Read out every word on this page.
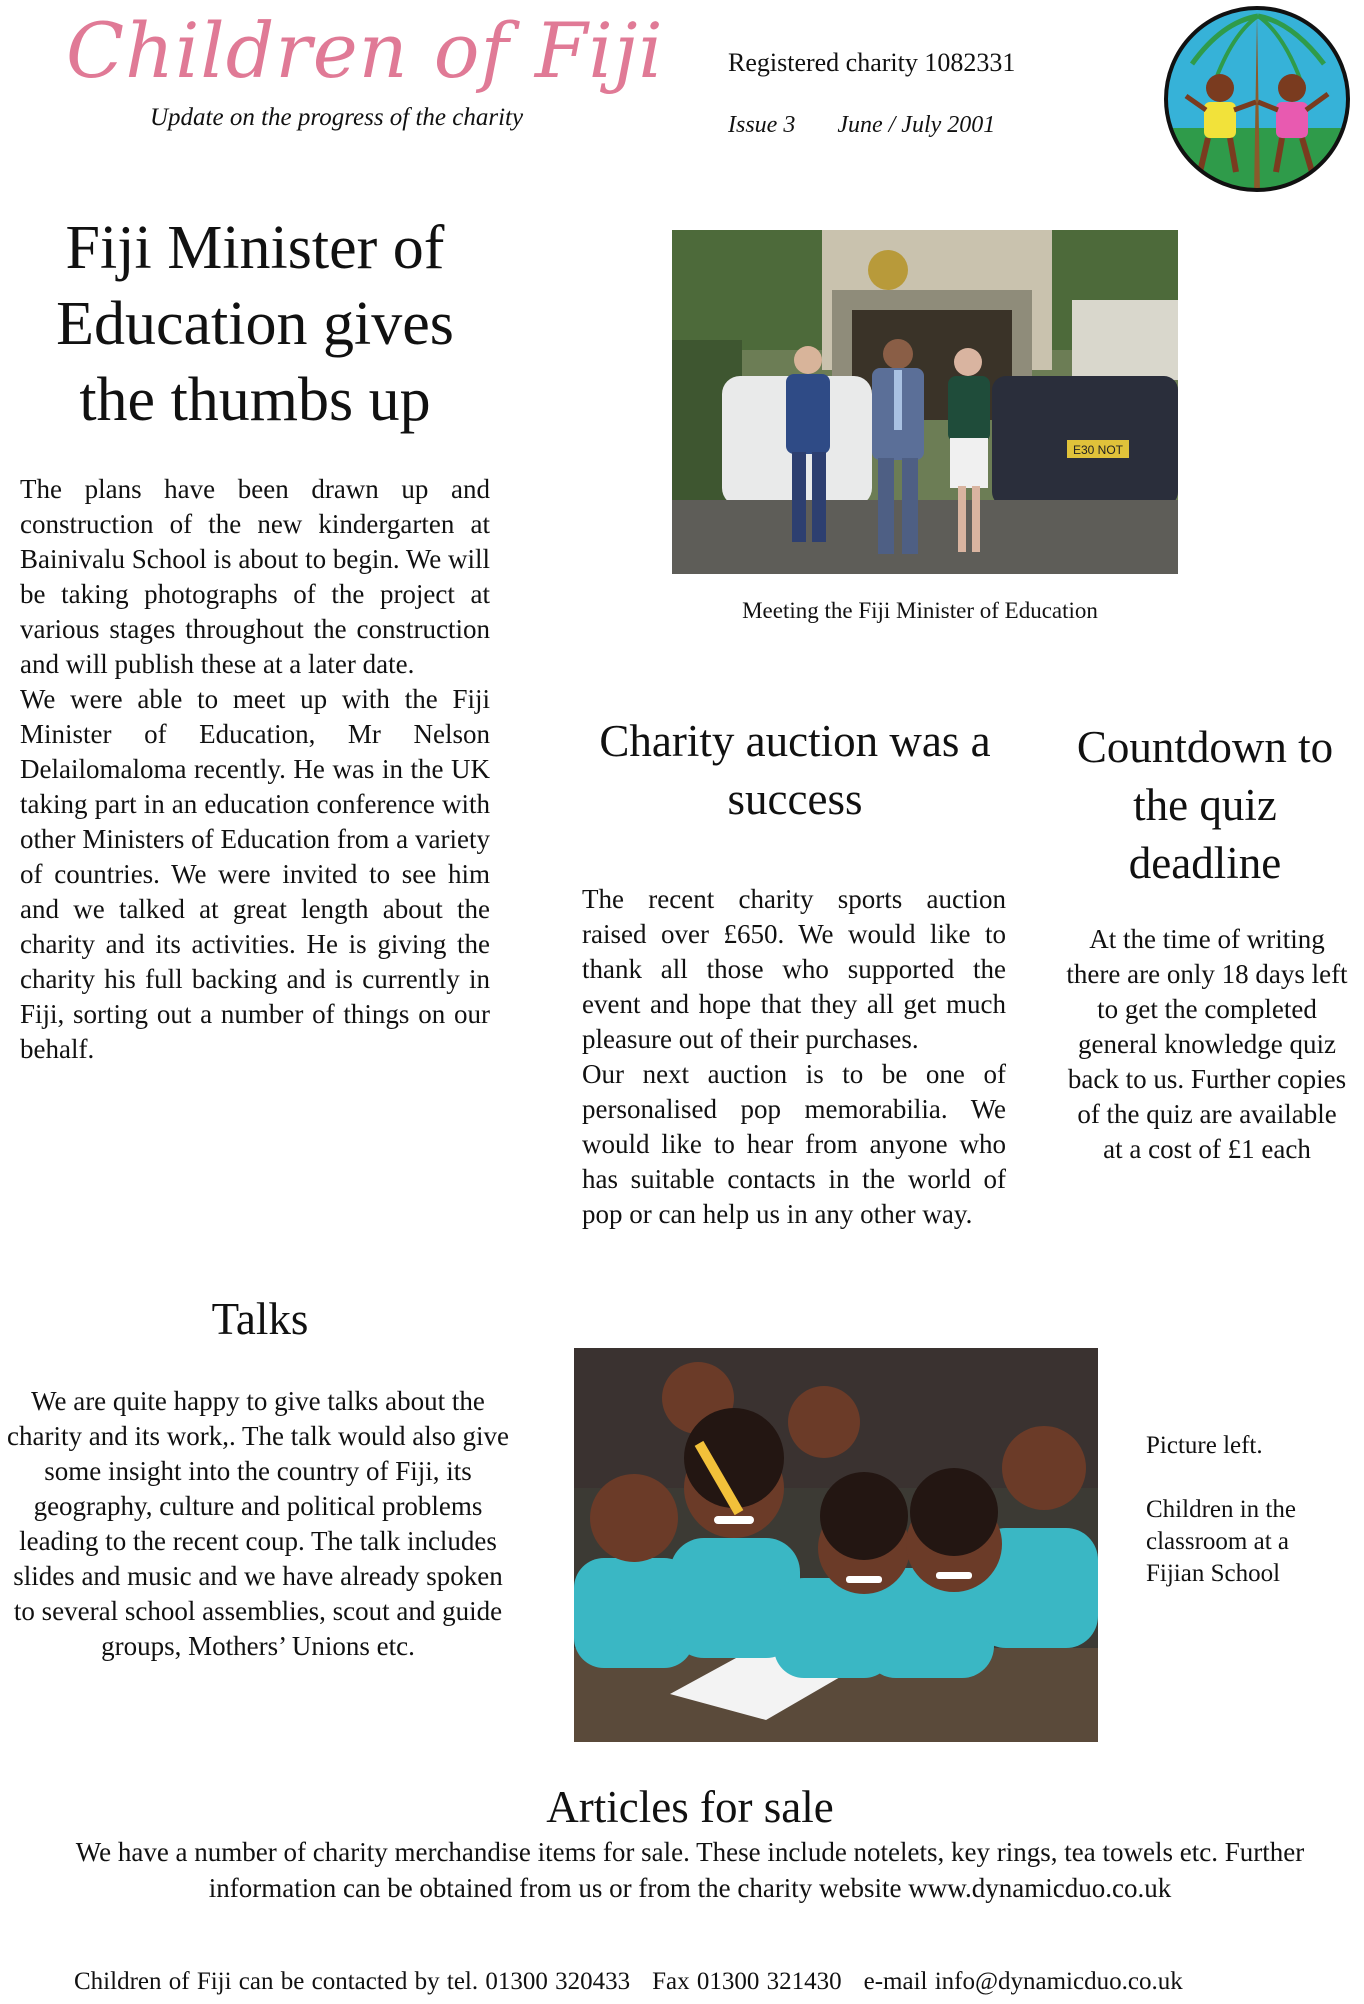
Children of Fiji
Update on the progress of the charity
Registered charity 1082331
Issue 3 June / July 2001
Fiji Minister of Education gives the thumbs up

The plans have been drawn up and construction of the new kindergarten at Bainivalu School is about to begin. We will be taking photographs of the project at various stages throughout the construction and will publish these at a later date.

We were able to meet up with the Fiji Minister of Education, Mr Nelson Delailomaloma recently. He was in the UK taking part in an education conference with other Ministers of Education from a variety of countries. We were invited to see him and we talked at great length about the charity and its activities. He is giving the charity his full backing and is currently in Fiji, sorting out a number of things on our behalf.

E30 NOT
Meeting the Fiji Minister of Education
Charity auction was a success

The recent charity sports auction raised over £650. We would like to thank all those who supported the event and hope that they all get much pleasure out of their purchases.

Our next auction is to be one of personalised pop memorabilia. We would like to hear from anyone who has suitable contacts in the world of pop or can help us in any other way.

Countdown to the quiz deadline
At the time of writing there are only 18 days left to get the completed general knowledge quiz back to us. Further copies of the quiz are available at a cost of £1 each
Talks
We are quite happy to give talks about the charity and its work,. The talk would also give some insight into the country of Fiji, its geography, culture and political problems leading to the recent coup. The talk includes slides and music and we have already spoken to several school assemblies, scout and guide groups, Mothers’ Unions etc.

Picture left.

Children in the classroom at a Fijian School

Articles for sale
We have a number of charity merchandise items for sale. These include notelets, key rings, tea towels etc. Further information can be obtained from us or from the charity website www.dynamicduo.co.uk
Children of Fiji can be contacted by tel. 01300 320433 Fax 01300 321430 e-mail info@dynamicduo.co.uk
